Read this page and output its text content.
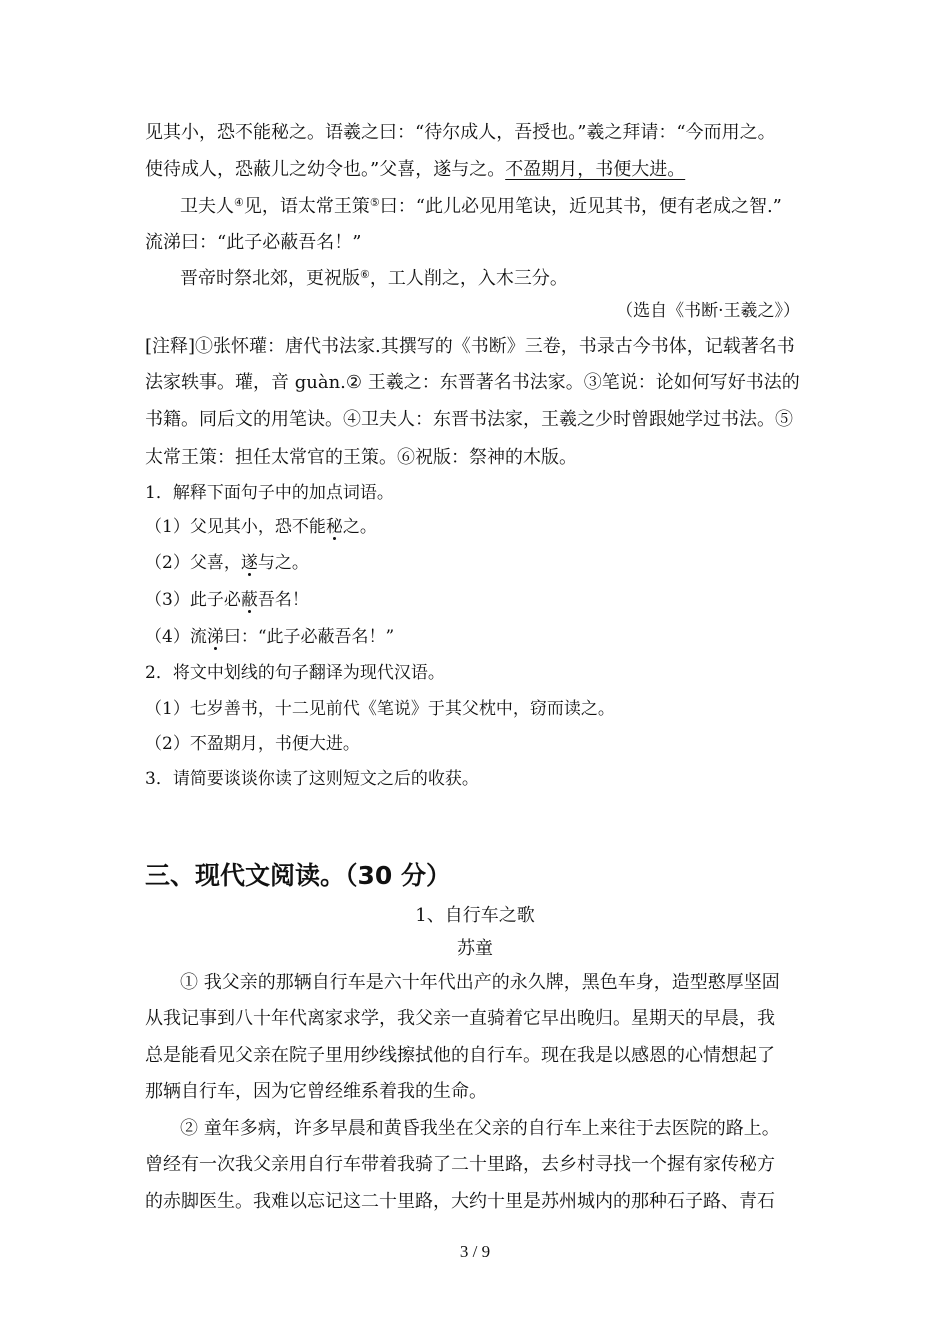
见其小，恐不能秘之。语羲之曰：“待尔成人，吾授也。”羲之拜请：“今而用之。
使待成人，恐蔽儿之幼令也。”父喜，遂与之。不盈期月，书便大进。
卫夫人④见，语太常王策⑤曰：“此儿必见用笔诀，近见其书，便有老成之智.”
流涕曰：“此子必蔽吾名！”
晋帝时祭北郊，更祝版⑥，工人削之，入木三分。
（选自《书断·王羲之》）
[注释]①张怀瓘：唐代书法家.其撰写的《书断》三卷，书录古今书体，记载著名书
法家轶事。瓘，音 guàn.② 王羲之：东晋著名书法家。③笔说：论如何写好书法的
书籍。同后文的用笔诀。④卫夫人：东晋书法家，王羲之少时曾跟她学过书法。⑤
太常王策：担任太常官的王策。⑥祝版：祭神的木版。
1．解释下面句子中的加点词语。
（1）父见其小，恐不能秘之。
（2）父喜，遂与之。
（3）此子必蔽吾名！
（4）流涕曰：“此子必蔽吾名！”
2．将文中划线的句子翻译为现代汉语。
（1）七岁善书，十二见前代《笔说》于其父枕中，窃而读之。
（2）不盈期月，书便大进。
3．请简要谈谈你读了这则短文之后的收获。
三、现代文阅读。（30 分）
1、自行车之歌
苏童
① 我父亲的那辆自行车是六十年代出产的永久牌，黑色车身，造型憨厚坚固
从我记事到八十年代离家求学，我父亲一直骑着它早出晚归。星期天的早晨，我
总是能看见父亲在院子里用纱线擦拭他的自行车。现在我是以感恩的心情想起了
那辆自行车，因为它曾经维系着我的生命。
② 童年多病，许多早晨和黄昏我坐在父亲的自行车上来往于去医院的路上。
曾经有一次我父亲用自行车带着我骑了二十里路，去乡村寻找一个握有家传秘方
的赤脚医生。我难以忘记这二十里路，大约十里是苏州城内的那种石子路、青石
3 / 9
